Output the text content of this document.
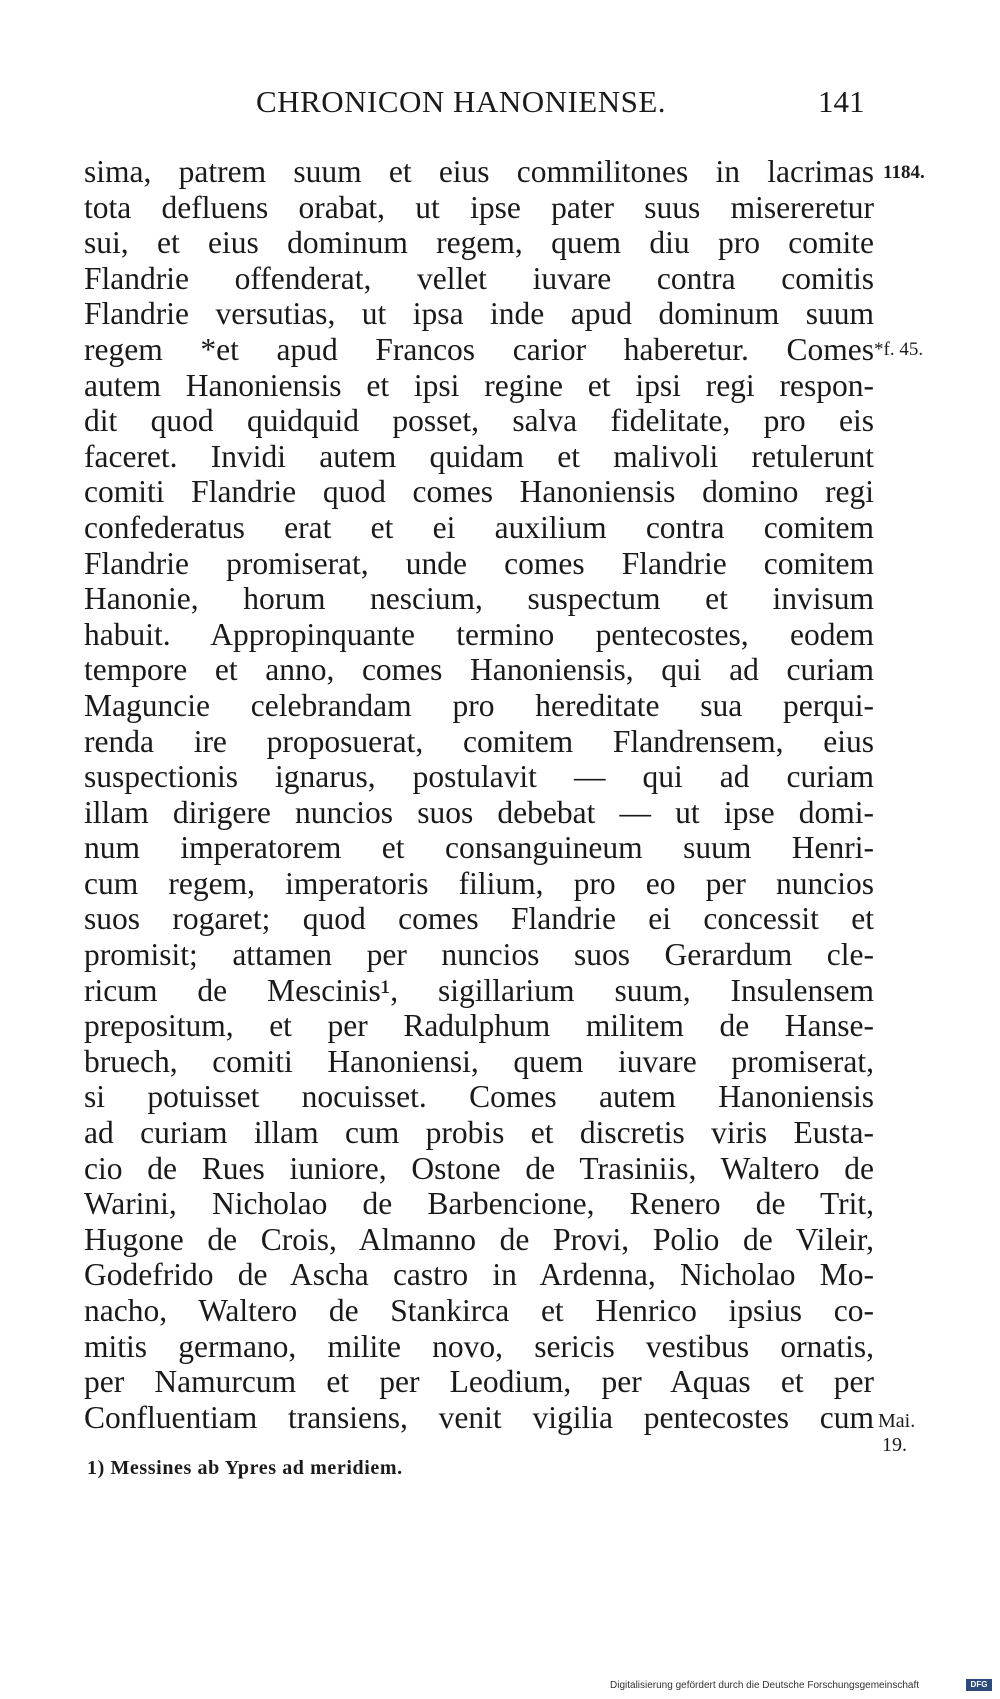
CHRONICON HANONIENSE.	141
sima, patrem suum et eius commilitones in lacrimas
tota defluens orabat, ut ipse pater suus misereretur
sui, et eius dominum regem, quem diu pro comite
Flandrie offenderat, vellet iuvare contra comitis
Flandrie versutias, ut ipsa inde apud dominum suum
regem *et apud Francos carior haberetur. Comes
autem Hanoniensis et ipsi regine et ipsi regi respon-
dit quod quidquid posset, salva fidelitate, pro eis
faceret. Invidi autem quidam et malivoli retulerunt
comiti Flandrie quod comes Hanoniensis domino regi
confederatus erat et ei auxilium contra comitem
Flandrie promiserat, unde comes Flandrie comitem
Hanonie, horum nescium, suspectum et invisum
habuit. Appropinquante termino pentecostes, eodem
tempore et anno, comes Hanoniensis, qui ad curiam
Maguncie celebrandam pro hereditate sua perqui-
renda ire proposuerat, comitem Flandrensem, eius
suspectionis ignarus, postulavit — qui ad curiam
illam dirigere nuncios suos debebat — ut ipse domi-
num imperatorem et consanguineum suum Henri-
cum regem, imperatoris filium, pro eo per nuncios
suos rogaret; quod comes Flandrie ei concessit et
promisit; attamen per nuncios suos Gerardum cle-
ricum de Mescinis¹, sigillarium suum, Insulensem
prepositum, et per Radulphum militem de Hanse-
bruech, comiti Hanoniensi, quem iuvare promiserat,
si potuisset nocuisset. Comes autem Hanoniensis
ad curiam illam cum probis et discretis viris Eusta-
cio de Rues iuniore, Ostone de Trasiniis, Waltero de
Warini, Nicholao de Barbencione, Renero de Trit,
Hugone de Crois, Almanno de Provi, Polio de Vileir,
Godefrido de Ascha castro in Ardenna, Nicholao Mo-
nacho, Waltero de Stankirca et Henrico ipsius co-
mitis germano, milite novo, sericis vestibus ornatis,
per Namurcum et per Leodium, per Aquas et per
Confluentiam transiens, venit vigilia pentecostes cum
1184.
*f. 45.
Mai.
19.
1) Messines ab Ypres ad meridiem.
Digitalisierung gefördert durch die Deutsche Forschungsgemeinschaft	DFG
